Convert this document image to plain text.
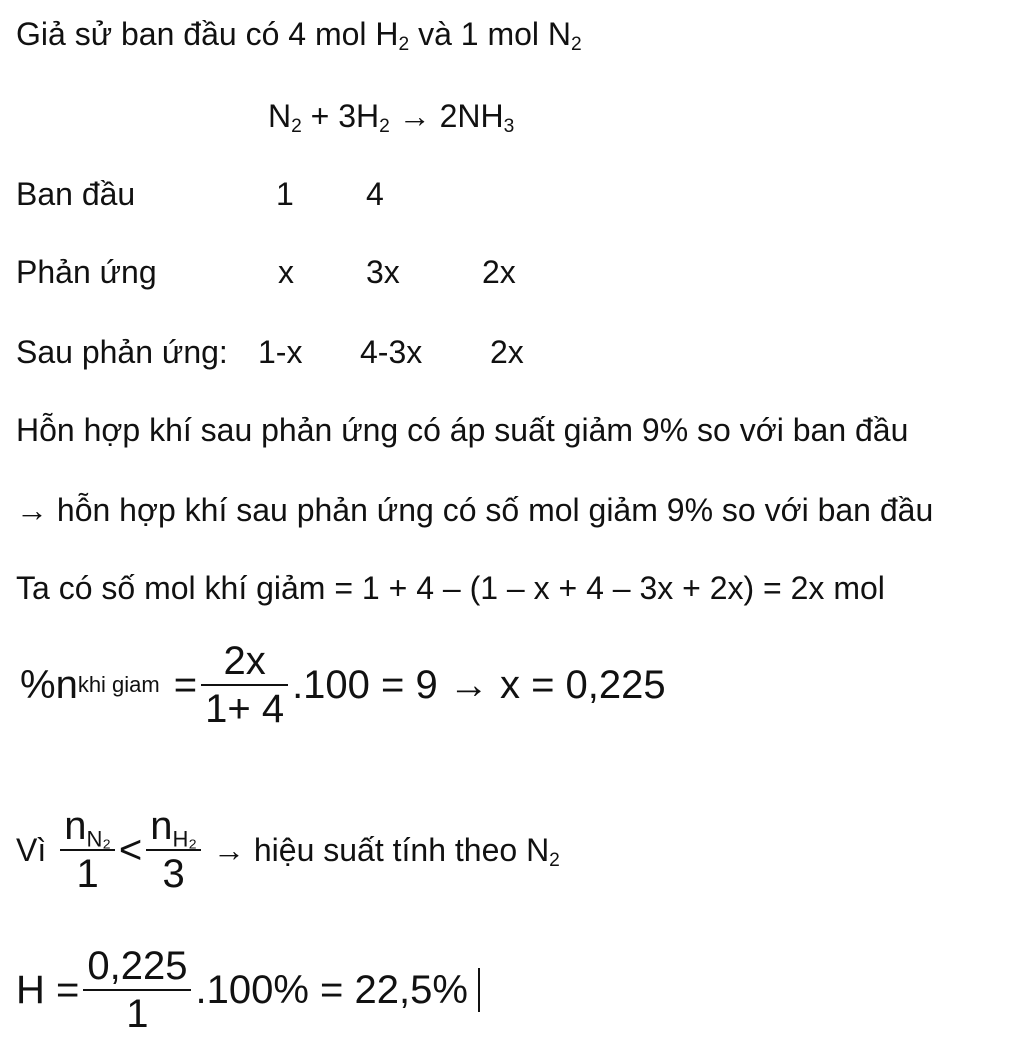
Giả sử ban đầu có 4 mol $H_2$ và 1 mol $N_2$
$N_2 + 3H_2 \to 2NH_3$
Ban đầu	1 4
Phản ứng	x 3x	2x
Sau phản ứng: 1-x 4-3x 2x
Hỗn hợp khí sau phản ứng có áp suất giảm 9% so với ban đầu
→ hỗn hợp khí sau phản ứng có số mol giảm 9% so với ban đầu
Ta có số mol khí giảm = 1 + 4 – (1 – x + 4 – 3x + 2x) = 2x mol
%n khi giam = $\frac{2x}{1+ 4} .100 = 9 \to x = 0,225$
Vì $\frac{\text{nN₂}}{1} < \frac{\text{nH₂}}{3}$ → hiệu suất tính theo $N_2$
$H = \frac{0,225}{1} .100\% = 22,5\%$
